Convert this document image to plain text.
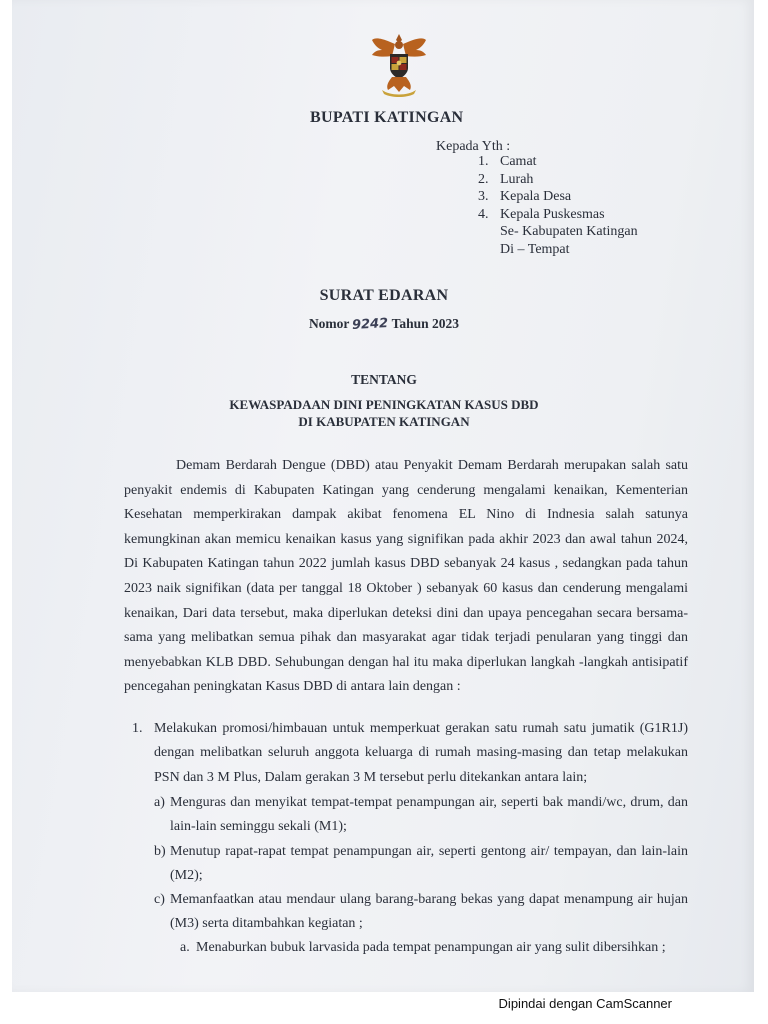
BUPATI KATINGAN
Kepada Yth :
1. Camat
2. Lurah
3. Kepala Desa
4. Kepala Puskesmas
Se- Kabupaten Katingan
Di – Tempat
SURAT EDARAN
Nomor 9242 Tahun 2023
TENTANG
KEWASPADAAN DINI PENINGKATAN KASUS DBD
DI KABUPATEN KATINGAN
Demam Berdarah Dengue (DBD) atau Penyakit Demam Berdarah merupakan salah satu penyakit endemis di Kabupaten Katingan yang cenderung mengalami kenaikan, Kementerian Kesehatan memperkirakan dampak akibat fenomena EL Nino di Indnesia salah satunya kemungkinan akan memicu kenaikan kasus yang signifikan pada akhir 2023 dan awal tahun 2024, Di Kabupaten Katingan tahun 2022 jumlah kasus DBD sebanyak 24 kasus , sedangkan pada tahun 2023 naik signifikan (data per tanggal 18 Oktober ) sebanyak 60 kasus dan cenderung mengalami kenaikan, Dari data tersebut, maka diperlukan deteksi dini dan upaya pencegahan secara bersama-sama yang melibatkan semua pihak dan masyarakat agar tidak terjadi penularan yang tinggi dan menyebabkan KLB DBD. Sehubungan dengan hal itu maka diperlukan langkah -langkah antisipatif pencegahan peningkatan Kasus DBD di antara lain dengan :
1. Melakukan promosi/himbauan untuk memperkuat gerakan satu rumah satu jumatik (G1R1J) dengan melibatkan seluruh anggota keluarga di rumah masing-masing dan tetap melakukan PSN dan 3 M Plus, Dalam gerakan 3 M tersebut perlu ditekankan antara lain;
a) Menguras dan menyikat tempat-tempat penampungan air, seperti bak mandi/wc, drum, dan lain-lain seminggu sekali (M1);
b) Menutup rapat-rapat tempat penampungan air, seperti gentong air/ tempayan, dan lain-lain (M2);
c) Memanfaatkan atau mendaur ulang barang-barang bekas yang dapat menampung air hujan (M3) serta ditambahkan kegiatan ;
a. Menaburkan bubuk larvasida pada tempat penampungan air yang sulit dibersihkan ;
Dipindai dengan CamScanner
